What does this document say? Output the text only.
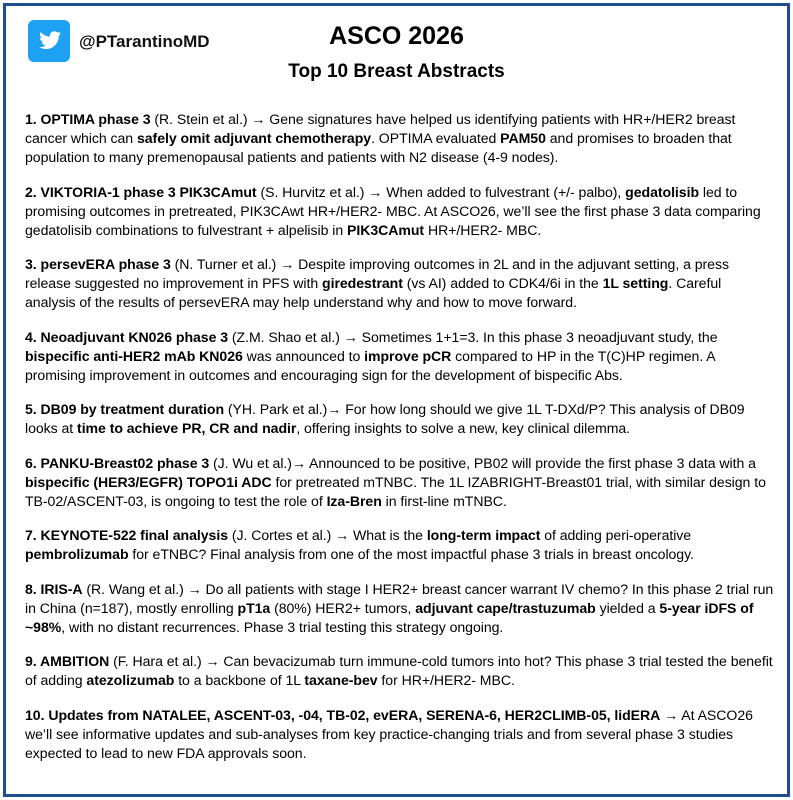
@PTarantinoMD	ASCO 2026
Top 10 Breast Abstracts
1. OPTIMA phase 3 (R. Stein et al.) → Gene signatures have helped us identifying patients with HR+/HER2 breast cancer which can safely omit adjuvant chemotherapy. OPTIMA evaluated PAM50 and promises to broaden that population to many premenopausal patients and patients with N2 disease (4-9 nodes).
2. VIKTORIA-1 phase 3 PIK3CAmut (S. Hurvitz et al.) → When added to fulvestrant (+/- palbo), gedatolisib led to promising outcomes in pretreated, PIK3CAwt HR+/HER2- MBC. At ASCO26, we’ll see the first phase 3 data comparing gedatolisib combinations to fulvestrant + alpelisib in PIK3CAmut HR+/HER2- MBC.
3. persevERA phase 3 (N. Turner et al.) → Despite improving outcomes in 2L and in the adjuvant setting, a press release suggested no improvement in PFS with giredestrant (vs AI) added to CDK4/6i in the 1L setting. Careful analysis of the results of persevERA may help understand why and how to move forward.
4. Neoadjuvant KN026 phase 3 (Z.M. Shao et al.) → Sometimes 1+1=3. In this phase 3 neoadjuvant study, the bispecific anti-HER2 mAb KN026 was announced to improve pCR compared to HP in the T(C)HP regimen. A promising improvement in outcomes and encouraging sign for the development of bispecific Abs.
5. DB09 by treatment duration (YH. Park et al.)→ For how long should we give 1L T-DXd/P? This analysis of DB09 looks at time to achieve PR, CR and nadir, offering insights to solve a new, key clinical dilemma.
6. PANKU-Breast02 phase 3 (J. Wu et al.)→ Announced to be positive, PB02 will provide the first phase 3 data with a bispecific (HER3/EGFR) TOPO1i ADC for pretreated mTNBC. The 1L IZABRIGHT-Breast01 trial, with similar design to TB-02/ASCENT-03, is ongoing to test the role of Iza-Bren in first-line mTNBC.
7. KEYNOTE-522 final analysis (J. Cortes et al.) → What is the long-term impact of adding peri-operative pembrolizumab for eTNBC? Final analysis from one of the most impactful phase 3 trials in breast oncology.
8. IRIS-A (R. Wang et al.) → Do all patients with stage I HER2+ breast cancer warrant IV chemo? In this phase 2 trial run in China (n=187), mostly enrolling pT1a (80%) HER2+ tumors, adjuvant cape/trastuzumab yielded a 5-year iDFS of ~98%, with no distant recurrences. Phase 3 trial testing this strategy ongoing.
9. AMBITION (F. Hara et al.) → Can bevacizumab turn immune-cold tumors into hot? This phase 3 trial tested the benefit of adding atezolizumab to a backbone of 1L taxane-bev for HR+/HER2- MBC.
10. Updates from NATALEE, ASCENT-03, -04, TB-02, evERA, SERENA-6, HER2CLIMB-05, lidERA → At ASCO26 we’ll see informative updates and sub-analyses from key practice-changing trials and from several phase 3 studies expected to lead to new FDA approvals soon.
